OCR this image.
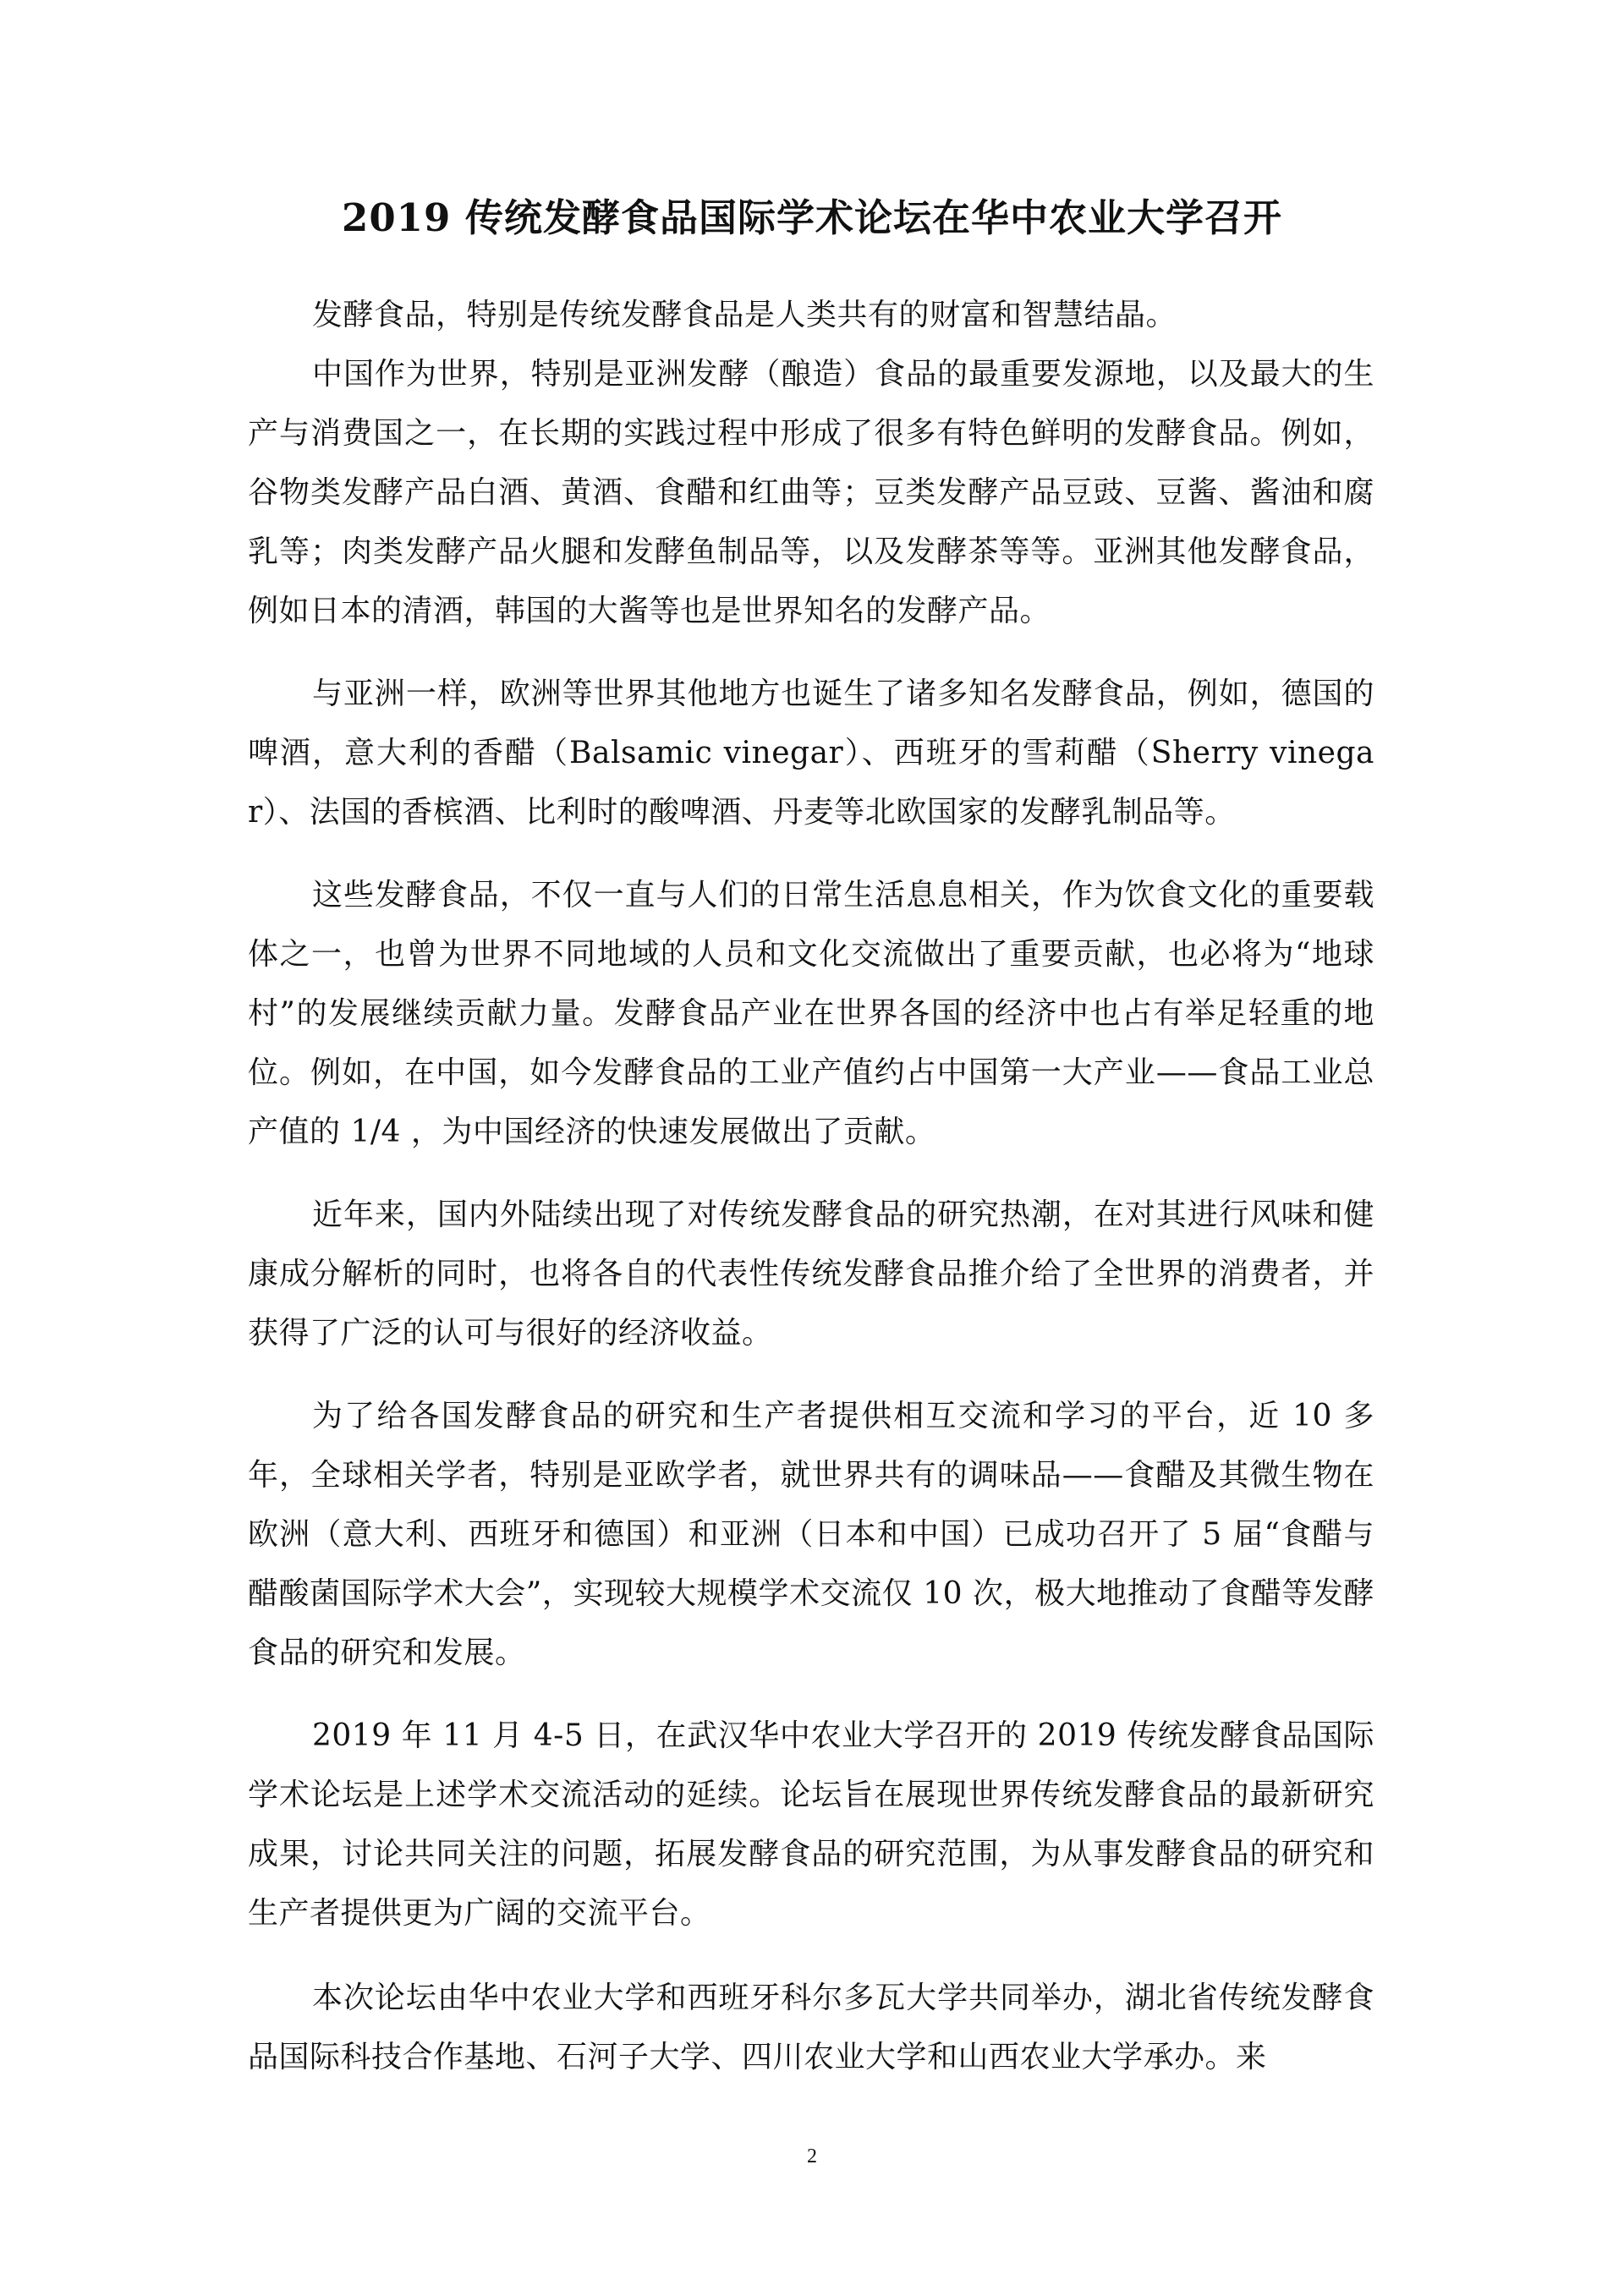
2019 传统发酵食品国际学术论坛在华中农业大学召开

发酵食品，特别是传统发酵食品是人类共有的财富和智慧结晶。

中国作为世界，特别是亚洲发酵（酿造）食品的最重要发源地，以及最大的生产与消费国之一，在长期的实践过程中形成了很多有特色鲜明的发酵食品。例如，谷物类发酵产品白酒、黄酒、食醋和红曲等；豆类发酵产品豆豉、豆酱、酱油和腐乳等；肉类发酵产品火腿和发酵鱼制品等，以及发酵茶等等。亚洲其他发酵食品，例如日本的清酒，韩国的大酱等也是世界知名的发酵产品。

与亚洲一样，欧洲等世界其他地方也诞生了诸多知名发酵食品，例如，德国的啤酒，意大利的香醋（Balsamic vinegar）、西班牙的雪莉醋（Sherry vinegar）、法国的香槟酒、比利时的酸啤酒、丹麦等北欧国家的发酵乳制品等。

这些发酵食品，不仅一直与人们的日常生活息息相关，作为饮食文化的重要载体之一，也曾为世界不同地域的人员和文化交流做出了重要贡献，也必将为“地球村”的发展继续贡献力量。发酵食品产业在世界各国的经济中也占有举足轻重的地位。例如，在中国，如今发酵食品的工业产值约占中国第一大产业——食品工业总产值的 1/4 ，为中国经济的快速发展做出了贡献。

近年来，国内外陆续出现了对传统发酵食品的研究热潮，在对其进行风味和健康成分解析的同时，也将各自的代表性传统发酵食品推介给了全世界的消费者，并获得了广泛的认可与很好的经济收益。

为了给各国发酵食品的研究和生产者提供相互交流和学习的平台，近 10 多年，全球相关学者，特别是亚欧学者，就世界共有的调味品——食醋及其微生物在欧洲（意大利、西班牙和德国）和亚洲（日本和中国）已成功召开了 5 届“食醋与醋酸菌国际学术大会”，实现较大规模学术交流仅 10 次，极大地推动了食醋等发酵食品的研究和发展。

2019 年 11 月 4-5 日，在武汉华中农业大学召开的 2019 传统发酵食品国际学术论坛是上述学术交流活动的延续。论坛旨在展现世界传统发酵食品的最新研究成果，讨论共同关注的问题，拓展发酵食品的研究范围，为从事发酵食品的研究和生产者提供更为广阔的交流平台。

本次论坛由华中农业大学和西班牙科尔多瓦大学共同举办，湖北省传统发酵食品国际科技合作基地、石河子大学、四川农业大学和山西农业大学承办。来

2
